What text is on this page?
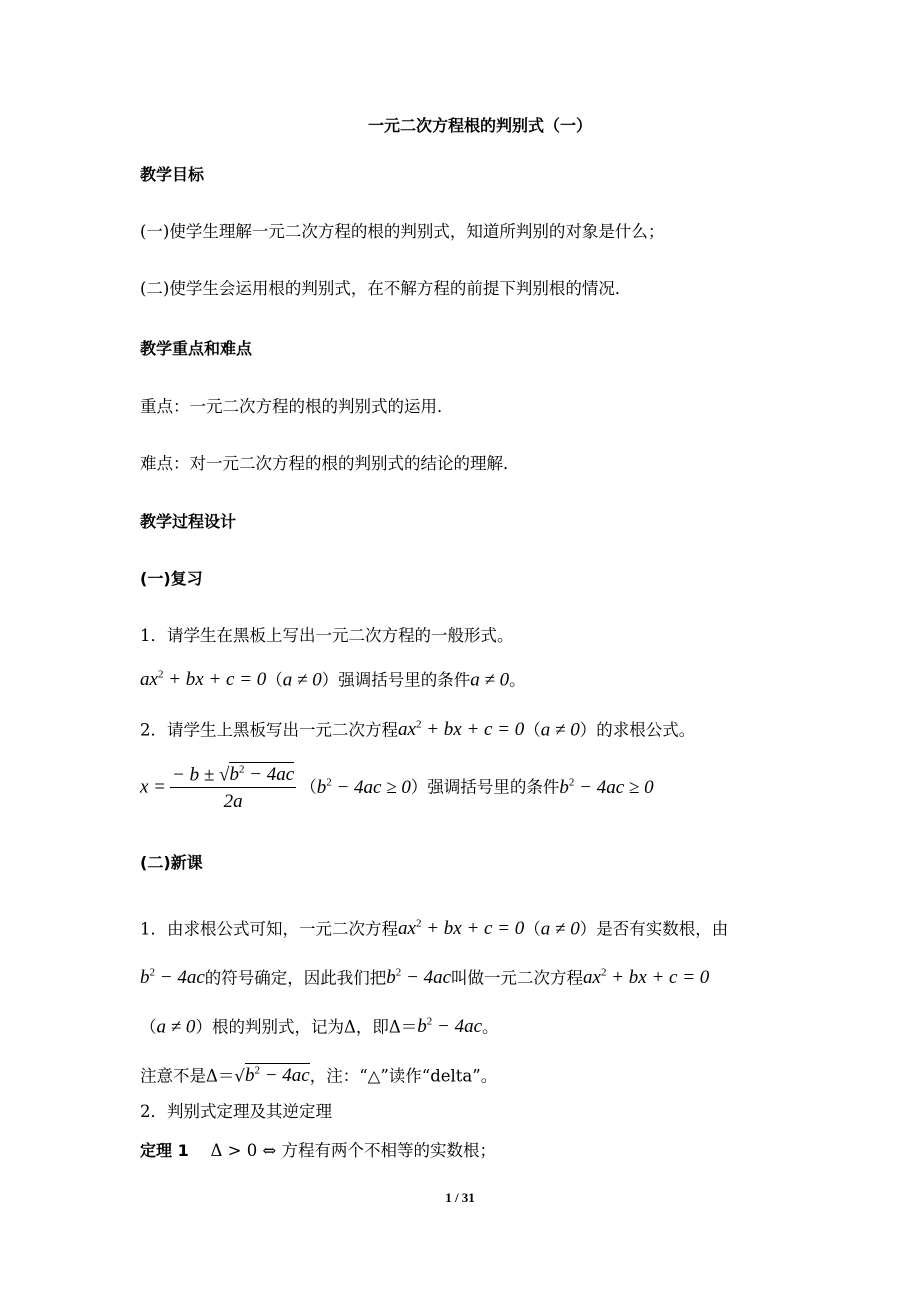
一元二次方程根的判别式（一）
教学目标
(一)使学生理解一元二次方程的根的判别式，知道所判别的对象是什么；
(二)使学生会运用根的判别式，在不解方程的前提下判别根的情况．
教学重点和难点
重点：一元二次方程的根的判别式的运用．
难点：对一元二次方程的根的判别式的结论的理解．
教学过程设计
(一)复习
1．请学生在黑板上写出一元二次方程的一般形式。
$ax^2$ + bx + c = 0（a ≠ 0）强调括号里的条件a ≠ 0。
2．请学生上黑板写出一元二次方程$ax^2$ + bx + c = 0（a ≠ 0）的求根公式。
$x = \frac{- b \pm √b^2 - 4ac}{2a} (b^2 - 4ac \ge 0)$强调括号里的条件$b^2 - 4ac \ge 0$
(二)新课
1．由求根公式可知，一元二次方程$ax^2$ + bx + c = 0（a ≠ 0）是否有实数根，由
$b^2 - 4ac$的符号确定，因此我们把$b^2 - 4ac$叫做一元二次方程$ax^2$ + bx + c = 0
（a ≠ 0）根的判别式，记为Δ，即$\Delta=b^2 - 4ac$。
注意不是$\Delta=√b^2 - 4ac$，注：“△”读作“delta”。
2．判别式定理及其逆定理
定理 1　 Δ > 0 ⇔ 方程有两个不相等的实数根；
1 / 31
